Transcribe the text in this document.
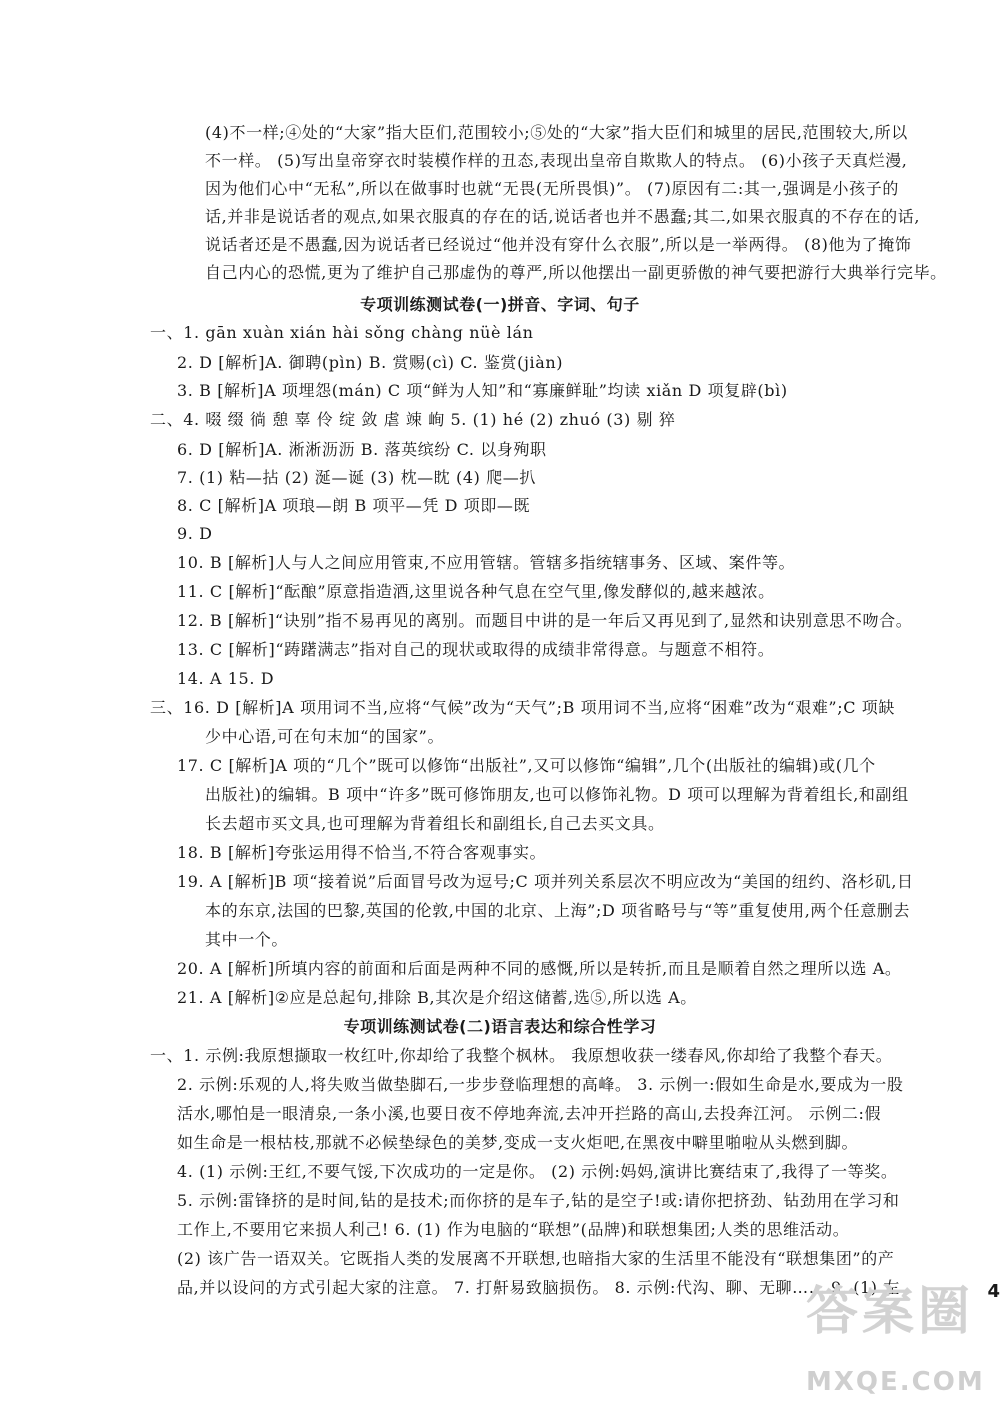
(4)不一样;④处的“大家”指大臣们,范围较小;⑤处的“大家”指大臣们和城里的居民,范围较大,所以
不一样。 (5)写出皇帝穿衣时装模作样的丑态,表现出皇帝自欺欺人的特点。 (6)小孩子天真烂漫,
因为他们心中“无私”,所以在做事时也就“无畏(无所畏惧)”。 (7)原因有二:其一,强调是小孩子的
话,并非是说话者的观点,如果衣服真的存在的话,说话者也并不愚蠢;其二,如果衣服真的不存在的话,
说话者还是不愚蠢,因为说话者已经说过“他并没有穿什么衣服”,所以是一举两得。 (8)他为了掩饰
自己内心的恐慌,更为了维护自己那虚伪的尊严,所以他摆出一副更骄傲的神气要把游行大典举行完毕。
专项训练测试卷(一)拼音、字词、句子
一、1. gān xuàn xián hài sǒng chàng nüè lán
2. D [解析]A. 御聘(pìn) B. 赏赐(cì) C. 鉴赏(jiàn)
3. B [解析]A 项埋怨(mán) C 项“鲜为人知”和“寡廉鲜耻”均读 xiǎn D 项复辟(bì)
二、4. 啜 缀 徜 憩 辜 伶 绽 敛 虐 竦 峋 5. (1) hé (2) zhuó (3) 剔 猝
6. D [解析]A. 淅淅沥沥 B. 落英缤纷 C. 以身殉职
7. (1) 粘—拈 (2) 涎—诞 (3) 枕—眈 (4) 爬—扒
8. C [解析]A 项琅—朗 B 项平—凭 D 项即—既
9. D
10. B [解析]人与人之间应用管束,不应用管辖。管辖多指统辖事务、区域、案件等。
11. C [解析]“酝酿”原意指造酒,这里说各种气息在空气里,像发酵似的,越来越浓。
12. B [解析]“诀别”指不易再见的离别。而题目中讲的是一年后又再见到了,显然和诀别意思不吻合。
13. C [解析]“踌躇满志”指对自己的现状或取得的成绩非常得意。与题意不相符。
14. A 15. D
三、16. D [解析]A 项用词不当,应将“气候”改为“天气”;B 项用词不当,应将“困难”改为“艰难”;C 项缺
少中心语,可在句末加“的国家”。
17. C [解析]A 项的“几个”既可以修饰“出版社”,又可以修饰“编辑”,几个(出版社的编辑)或(几个
出版社)的编辑。B 项中“许多”既可修饰朋友,也可以修饰礼物。D 项可以理解为背着组长,和副组
长去超市买文具,也可理解为背着组长和副组长,自己去买文具。
18. B [解析]夸张运用得不恰当,不符合客观事实。
19. A [解析]B 项“接着说”后面冒号改为逗号;C 项并列关系层次不明应改为“美国的纽约、洛杉矶,日
本的东京,法国的巴黎,英国的伦敦,中国的北京、上海”;D 项省略号与“等”重复使用,两个任意删去
其中一个。
20. A [解析]所填内容的前面和后面是两种不同的感慨,所以是转折,而且是顺着自然之理所以选 A。
21. A [解析]②应是总起句,排除 B,其次是介绍这储蓄,选⑤,所以选 A。
专项训练测试卷(二)语言表达和综合性学习
一、1. 示例:我原想撷取一枚红叶,你却给了我整个枫林。 我原想收获一缕春风,你却给了我整个春天。
2. 示例:乐观的人,将失败当做垫脚石,一步步登临理想的高峰。 3. 示例一:假如生命是水,要成为一股
活水,哪怕是一眼清泉,一条小溪,也要日夜不停地奔流,去冲开拦路的高山,去投奔江河。 示例二:假
如生命是一根枯枝,那就不必候垫绿色的美梦,变成一支火炬吧,在黑夜中噼里啪啦从头燃到脚。
4. (1) 示例:王红,不要气馁,下次成功的一定是你。 (2) 示例:妈妈,演讲比赛结束了,我得了一等奖。
5. 示例:雷锋挤的是时间,钻的是技术;而你挤的是车子,钻的是空子!或:请你把挤劲、钻劲用在学习和
工作上,不要用它来损人利己! 6. (1) 作为电脑的“联想”(品牌)和联想集团;人类的思维活动。
(2) 该广告一语双关。它既指人类的发展离不开联想,也暗指大家的生活里不能没有“联想集团”的产
品,并以设问的方式引起大家的注意。 7. 打鼾易致脑损伤。 8. 示例:代沟、聊、无聊…… 9. (1) 左	4
答案圈
MXQE.COM
